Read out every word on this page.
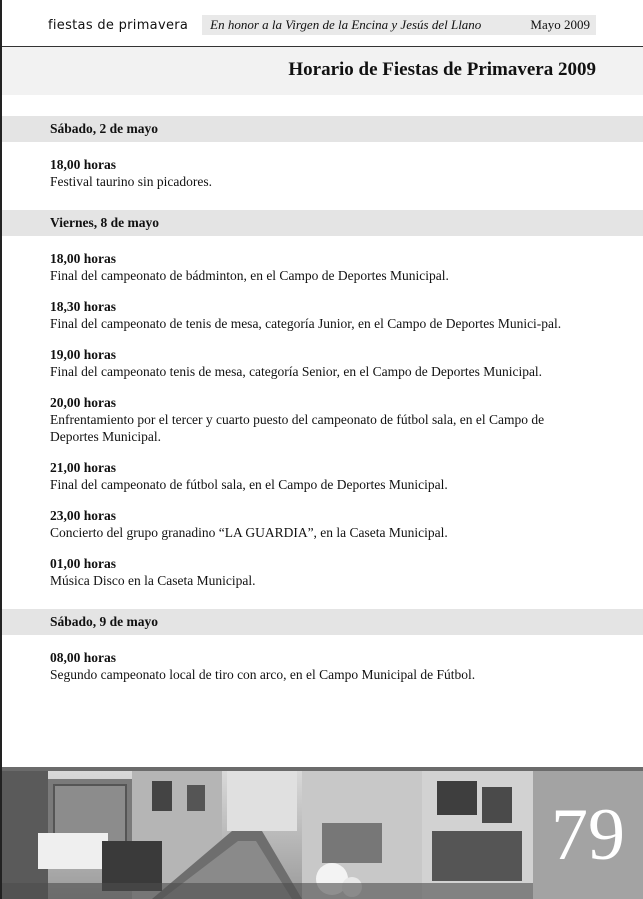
fiestas de primavera	En honor a la Virgen de la Encina y Jesús del Llano	Mayo 2009
Horario de Fiestas de Primavera 2009
Sábado, 2 de mayo
18,00 horas
Festival taurino sin picadores.
Viernes, 8 de mayo
18,00 horas
Final del campeonato de bádminton, en el Campo de Deportes Municipal.
18,30 horas
Final del campeonato de tenis de mesa, categoría Junior, en el Campo de Deportes Munici-pal.
19,00 horas
Final del campeonato tenis de mesa, categoría Senior, en el Campo de Deportes Municipal.
20,00 horas
Enfrentamiento por el tercer y cuarto puesto del campeonato de fútbol sala, en el Campo de Deportes Municipal.
21,00 horas
Final del campeonato de fútbol sala, en el Campo de Deportes Municipal.
23,00 horas
Concierto del grupo granadino “LA GUARDIA”, en la Caseta Municipal.
01,00 horas
Música Disco en la Caseta Municipal.
Sábado, 9 de mayo
08,00 horas
Segundo campeonato local de tiro con arco, en el Campo Municipal de Fútbol.
79
